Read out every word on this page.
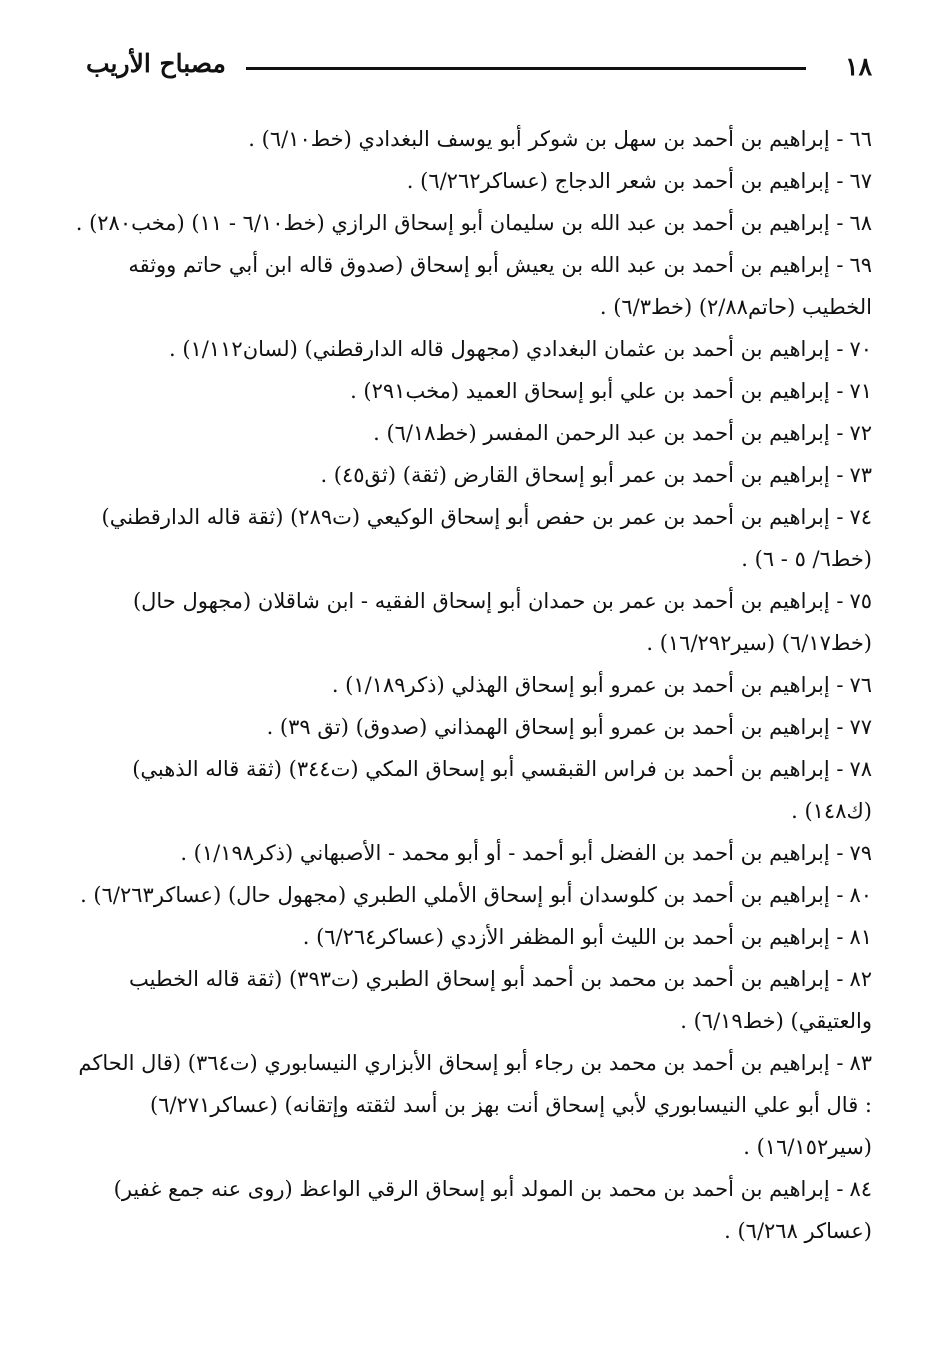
١٨
مصباح الأريب
٦٦- إبراهيم بن أحمد بن سهل بن شوكر أبو يوسف البغدادي (خط٦/١٠) .
٦٧- إبراهيم بن أحمد بن شعر الدجاج (عساكر٦/٢٦٢) .
٦٨- إبراهيم بن أحمد بن عبد الله بن سليمان أبو إسحاق الرازي (خط٦/١٠ - ١١) (مخب٢٨٠) .
٦٩- إبراهيم بن أحمد بن عبد الله بن يعيش أبو إسحاق (صدوق قاله ابن أبي حاتم ووثقه الخطيب (حاتم٢/٨٨) (خط٦/٣) .
٧٠- إبراهيم بن أحمد بن عثمان البغدادي (مجهول قاله الدارقطني) (لسان١/١١٢) .
٧١- إبراهيم بن أحمد بن علي أبو إسحاق العميد (مخب٢٩١) .
٧٢- إبراهيم بن أحمد بن عبد الرحمن المفسر (خط٦/١٨) .
٧٣- إبراهيم بن أحمد بن عمر أبو إسحاق القارض (ثقة) (ثق٤٥) .
٧٤- إبراهيم بن أحمد بن عمر بن حفص أبو إسحاق الوكيعي (ت٢٨٩) (ثقة قاله الدارقطني) (خط٦/ ٥ - ٦) .
٧٥- إبراهيم بن أحمد بن عمر بن حمدان أبو إسحاق الفقيه - ابن شاقلان (مجهول حال) (خط٦/١٧) (سير١٦/٢٩٢) .
٧٦- إبراهيم بن أحمد بن عمرو أبو إسحاق الهذلي (ذكر١/١٨٩) .
٧٧- إبراهيم بن أحمد بن عمرو أبو إسحاق الهمذاني (صدوق) (تق ٣٩) .
٧٨- إبراهيم بن أحمد بن فراس القبقسي أبو إسحاق المكي (ت٣٤٤) (ثقة قاله الذهبي) (ك١٤٨) .
٧٩- إبراهيم بن أحمد بن الفضل أبو أحمد - أو أبو محمد - الأصبهاني (ذكر١/١٩٨) .
٨٠- إبراهيم بن أحمد بن كلوسدان أبو إسحاق الأملي الطبري (مجهول حال) (عساكر٦/٢٦٣) .
٨١- إبراهيم بن أحمد بن الليث أبو المظفر الأزدي (عساكر٦/٢٦٤) .
٨٢- إبراهيم بن أحمد بن محمد بن أحمد أبو إسحاق الطبري (ت٣٩٣) (ثقة قاله الخطيب والعتيقي) (خط٦/١٩) .
٨٣- إبراهيم بن أحمد بن محمد بن رجاء أبو إسحاق الأبزاري النيسابوري (ت٣٦٤) (قال الحاكم : قال أبو علي النيسابوري لأبي إسحاق أنت بهز بن أسد لثقته وإتقانه) (عساكر٦/٢٧١) (سير١٦/١٥٢) .
٨٤- إبراهيم بن أحمد بن محمد بن المولد أبو إسحاق الرقي الواعظ (روى عنه جمع غفير) (عساكر ٦/٢٦٨) .
